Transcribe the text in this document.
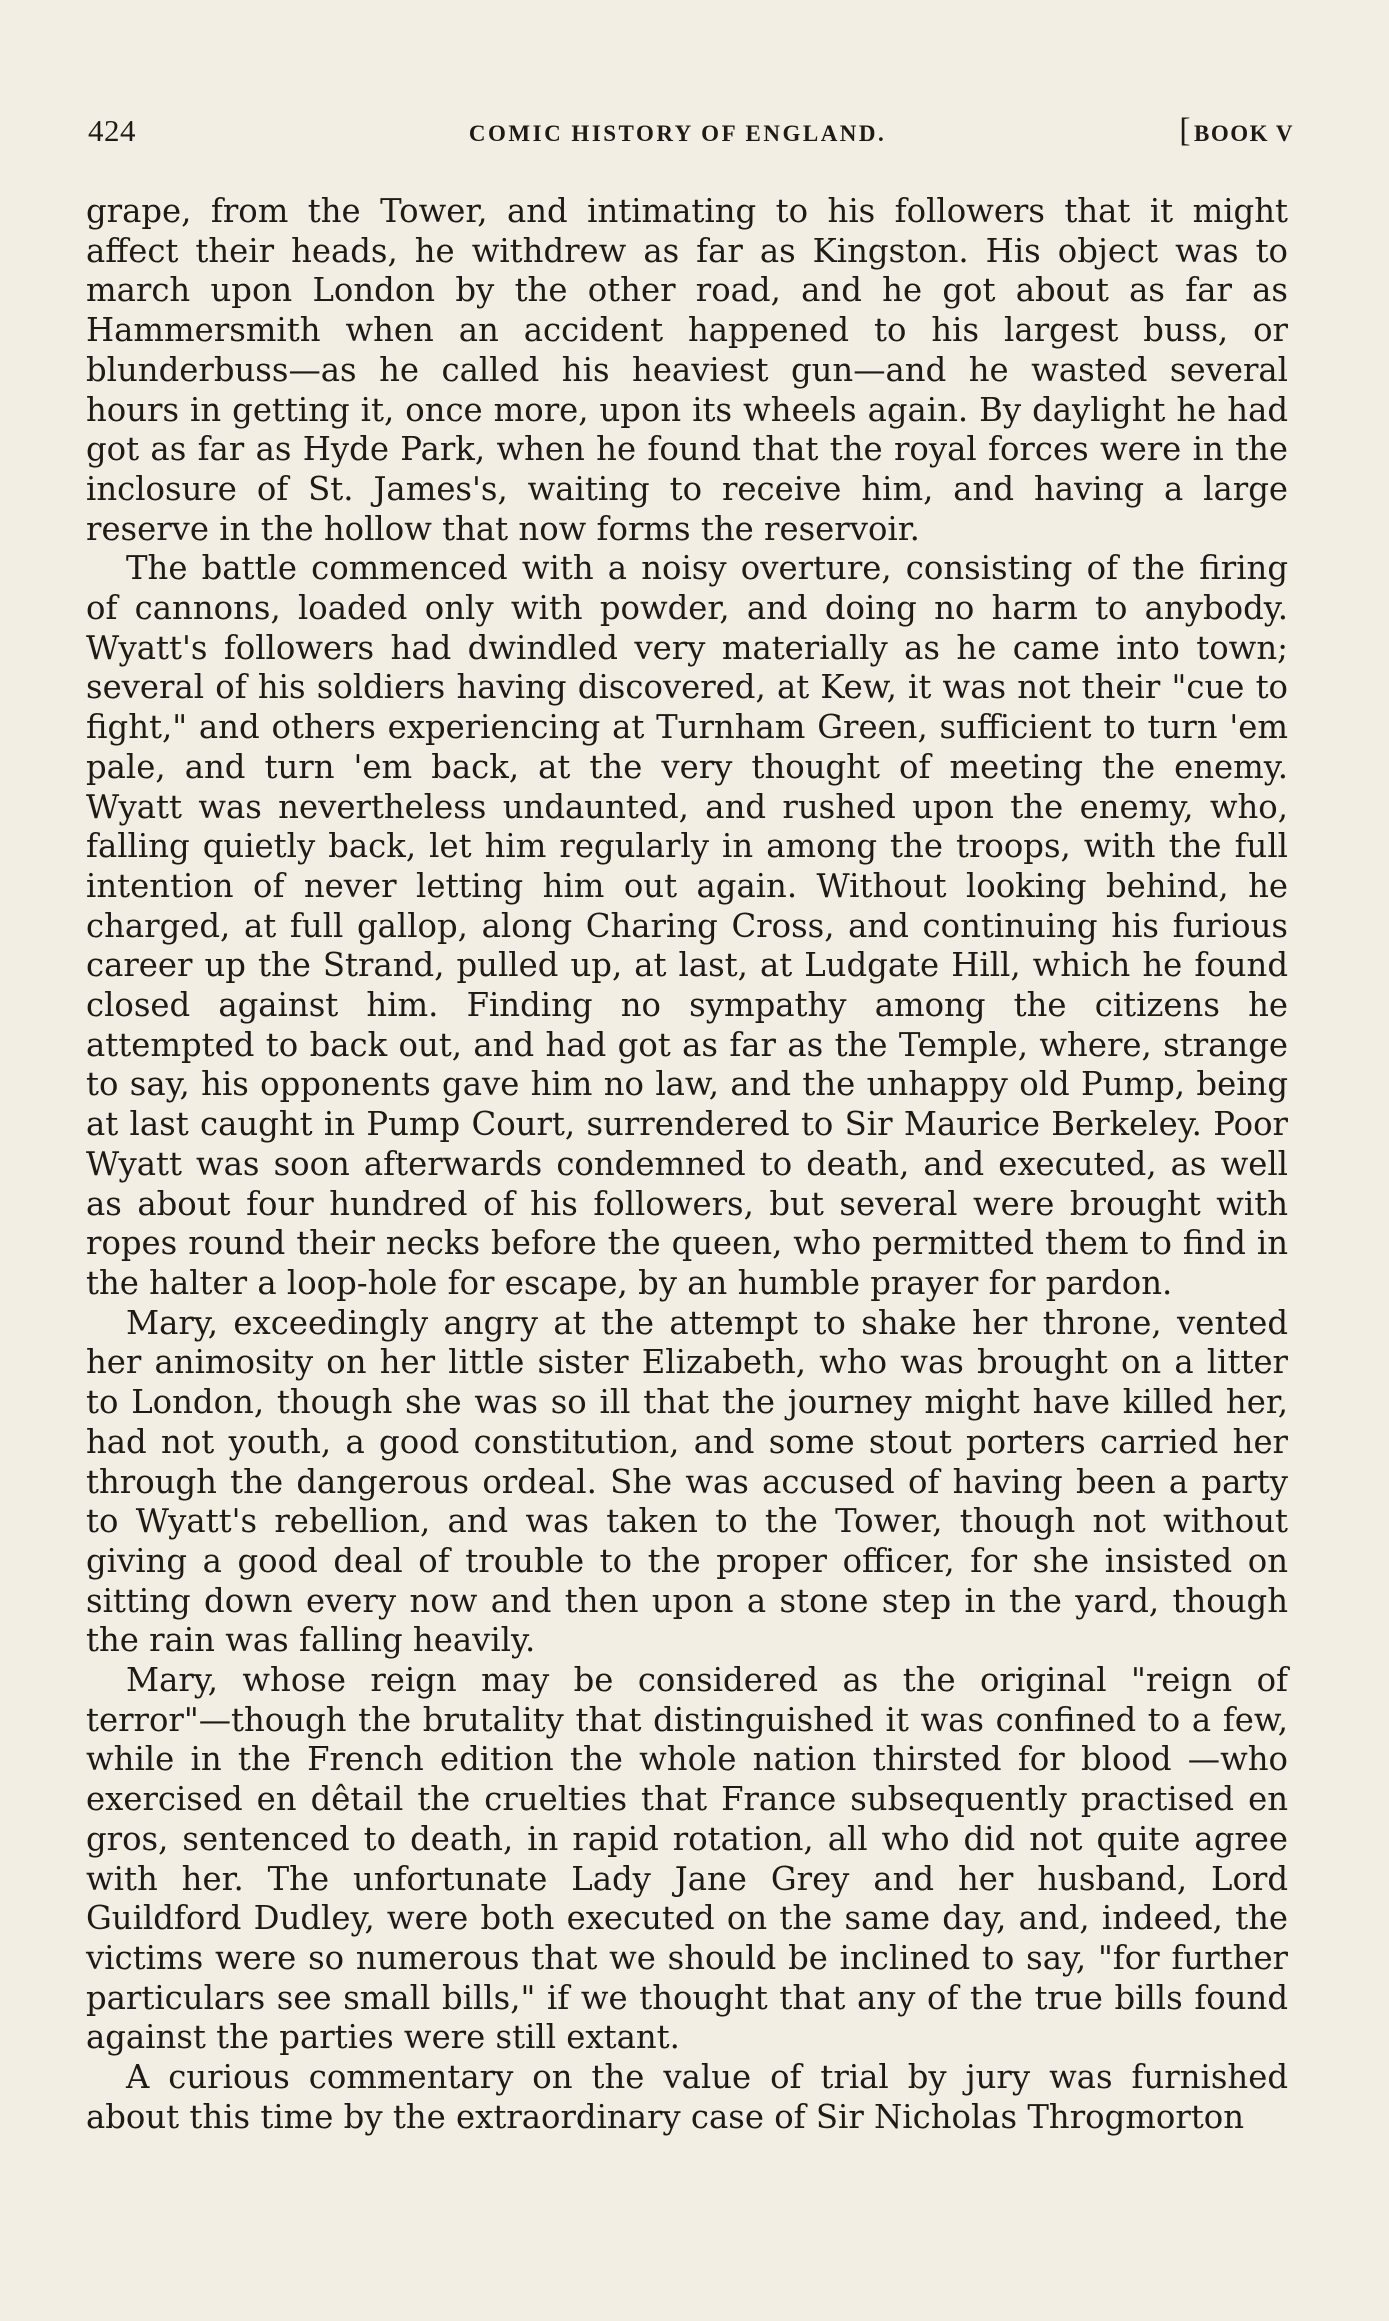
424	COMIC HISTORY OF ENGLAND.	[BOOK V

grape, from the Tower, and intimating to his followers that it might affect their heads, he withdrew as far as Kingston. His object was to march upon London by the other road, and he got about as far as Hammersmith when an accident happened to his largest buss, or blunderbuss—as he called his heaviest gun—and he wasted several hours in getting it, once more, upon its wheels again. By daylight he had got as far as Hyde Park, when he found that the royal forces were in the inclosure of St. James's, waiting to receive him, and having a large reserve in the hollow that now forms the reservoir.

The battle commenced with a noisy overture, consisting of the firing of cannons, loaded only with powder, and doing no harm to anybody. Wyatt's followers had dwindled very materially as he came into town; several of his soldiers having discovered, at Kew, it was not their "cue to fight," and others experiencing at Turnham Green, sufficient to turn 'em pale, and turn 'em back, at the very thought of meeting the enemy. Wyatt was nevertheless undaunted, and rushed upon the enemy, who, falling quietly back, let him regularly in among the troops, with the full intention of never letting him out again. Without looking behind, he charged, at full gallop, along Charing Cross, and continuing his furious career up the Strand, pulled up, at last, at Ludgate Hill, which he found closed against him. Finding no sympathy among the citizens he attempted to back out, and had got as far as the Temple, where, strange to say, his opponents gave him no law, and the unhappy old Pump, being at last caught in Pump Court, surrendered to Sir Maurice Berkeley. Poor Wyatt was soon afterwards condemned to death, and executed, as well as about four hundred of his followers, but several were brought with ropes round their necks before the queen, who permitted them to find in the halter a loop-hole for escape, by an humble prayer for pardon.

Mary, exceedingly angry at the attempt to shake her throne, vented her animosity on her little sister Elizabeth, who was brought on a litter to London, though she was so ill that the journey might have killed her, had not youth, a good constitution, and some stout porters carried her through the dangerous ordeal. She was accused of having been a party to Wyatt's rebellion, and was taken to the Tower, though not without giving a good deal of trouble to the proper officer, for she insisted on sitting down every now and then upon a stone step in the yard, though the rain was falling heavily.

Mary, whose reign may be considered as the original "reign of terror"—though the brutality that distinguished it was confined to a few, while in the French edition the whole nation thirsted for blood —who exercised en dêtail the cruelties that France subsequently practised en gros, sentenced to death, in rapid rotation, all who did not quite agree with her. The unfortunate Lady Jane Grey and her husband, Lord Guildford Dudley, were both executed on the same day, and, indeed, the victims were so numerous that we should be inclined to say, "for further particulars see small bills," if we thought that any of the true bills found against the parties were still extant.

A curious commentary on the value of trial by jury was furnished about this time by the extraordinary case of Sir Nicholas Throgmorton
